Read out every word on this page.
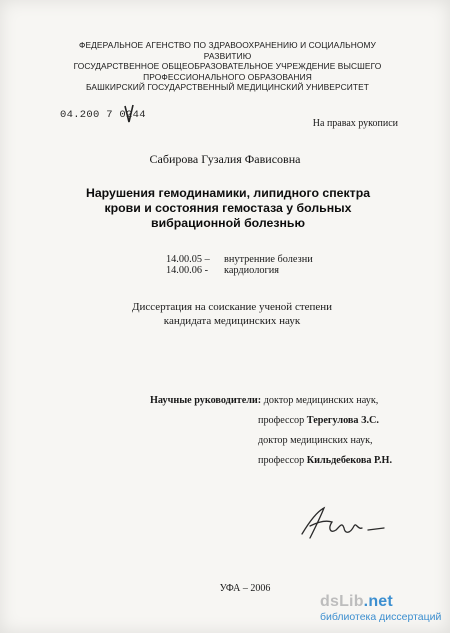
ФЕДЕРАЛЬНОЕ АГЕНСТВО ПО ЗДРАВООХРАНЕНИЮ И СОЦИАЛЬНОМУ
РАЗВИТИЮ
ГОСУДАРСТВЕННОЕ ОБЩЕОБРАЗОВАТЕЛЬНОЕ УЧРЕЖДЕНИЕ ВЫСШЕГО
ПРОФЕССИОНАЛЬНОГО ОБРАЗОВАНИЯ
БАШКИРСКИЙ ГОСУДАРСТВЕННЫЙ МЕДИЦИНСКИЙ УНИВЕРСИТЕТ
04.200 7 0244
На правах рукописи
Сабирова Гузалия Фависовна
Нарушения гемодинамики, липидного спектра
крови и состояния гемостаза у больных
вибрационной болезнью
14.00.05 – внутренние болезни
14.00.06 - кардиология
Диссертация на соискание ученой степени
кандидата медицинских наук
Научные руководители: доктор медицинских наук,
профессор Терегулова З.С.
доктор медицинских наук,
профессор Кильдебекова Р.Н.
УФА – 2006
dsLib.net
библиотека диссертаций
